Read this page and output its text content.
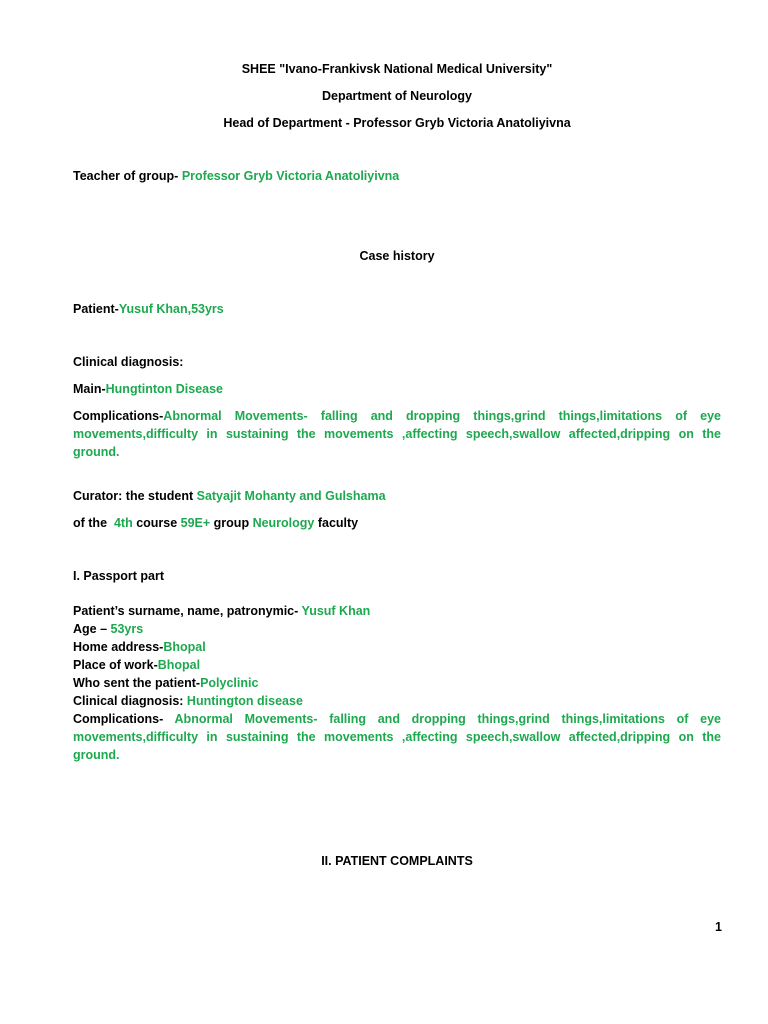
SHEE "Ivano-Frankivsk National Medical University"
Department of Neurology
Head of Department - Professor Gryb Victoria Anatoliyivna
Teacher of group- Professor Gryb Victoria Anatoliyivna
Case history
Patient-Yusuf Khan,53yrs
Clinical diagnosis:
Main-Hungtinton Disease
Complications-Abnormal Movements- falling and dropping things,grind things,limitations of eye movements,difficulty in sustaining the movements ,affecting speech,swallow affected,dripping on the ground.
Curator: the student Satyajit Mohanty and Gulshama
of the  4th course 59E+ group Neurology faculty
I. Passport part
Patient’s surname, name, patronymic- Yusuf Khan
Age – 53yrs
Home address-Bhopal
Place of work-Bhopal
Who sent the patient-Polyclinic
Clinical diagnosis: Huntington disease
Complications- Abnormal Movements- falling and dropping things,grind things,limitations of eye movements,difficulty in sustaining the movements ,affecting speech,swallow affected,dripping on the ground.
II. PATIENT COMPLAINTS
1
